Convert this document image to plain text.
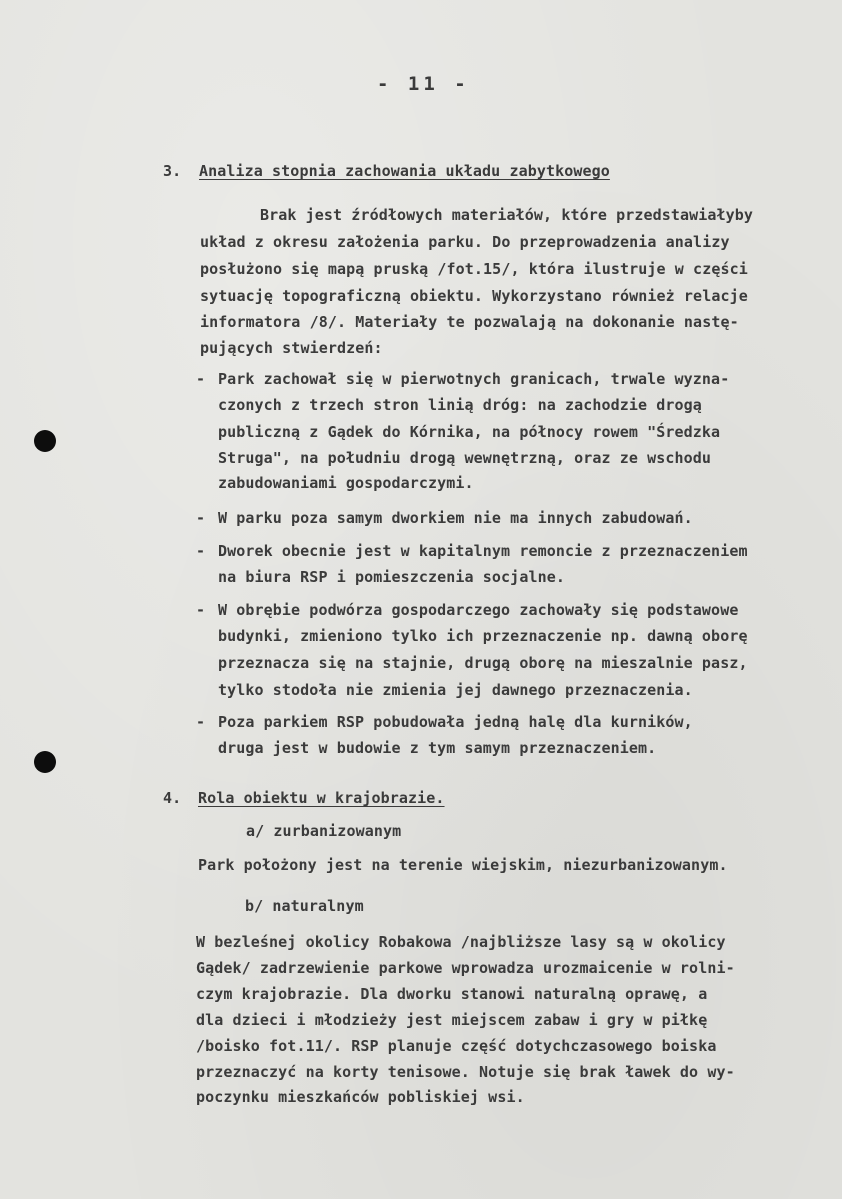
- 11 -
3. Analiza stopnia zachowania układu zabytkowego
Brak jest źródłowych materiałów, które przedstawiałyby
układ z okresu założenia parku. Do przeprowadzenia analizy
posłużono się mapą pruską /fot.15/, która ilustruje w części
sytuację topograficzną obiektu. Wykorzystano również relacje
informatora /8/. Materiały te pozwalają na dokonanie nastę-
pujących stwierdzeń:
- Park zachował się w pierwotnych granicach, trwale wyzna-
czonych z trzech stron linią dróg: na zachodzie drogą
publiczną z Gądek do Kórnika, na północy rowem "Średzka
Struga", na południu drogą wewnętrzną, oraz ze wschodu
zabudowaniami gospodarczymi.
- W parku poza samym dworkiem nie ma innych zabudowań.
- Dworek obecnie jest w kapitalnym remoncie z przeznaczeniem
na biura RSP i pomieszczenia socjalne.
- W obrębie podwórza gospodarczego zachowały się podstawowe
budynki, zmieniono tylko ich przeznaczenie np. dawną oborę
przeznacza się na stajnie, drugą oborę na mieszalnie pasz,
tylko stodoła nie zmienia jej dawnego przeznaczenia.
- Poza parkiem RSP pobudowała jedną halę dla kurników,
druga jest w budowie z tym samym przeznaczeniem.
4. Rola obiektu w krajobrazie.
a/ zurbanizowanym
Park położony jest na terenie wiejskim, niezurbanizowanym.
b/ naturalnym
W bezleśnej okolicy Robakowa /najbliższe lasy są w okolicy
Gądek/ zadrzewienie parkowe wprowadza urozmaicenie w rolni-
czym krajobrazie. Dla dworku stanowi naturalną oprawę, a
dla dzieci i młodzieży jest miejscem zabaw i gry w piłkę
/boisko fot.11/. RSP planuje część dotychczasowego boiska
przeznaczyć na korty tenisowe. Notuje się brak ławek do wy-
poczynku mieszkańców pobliskiej wsi.
